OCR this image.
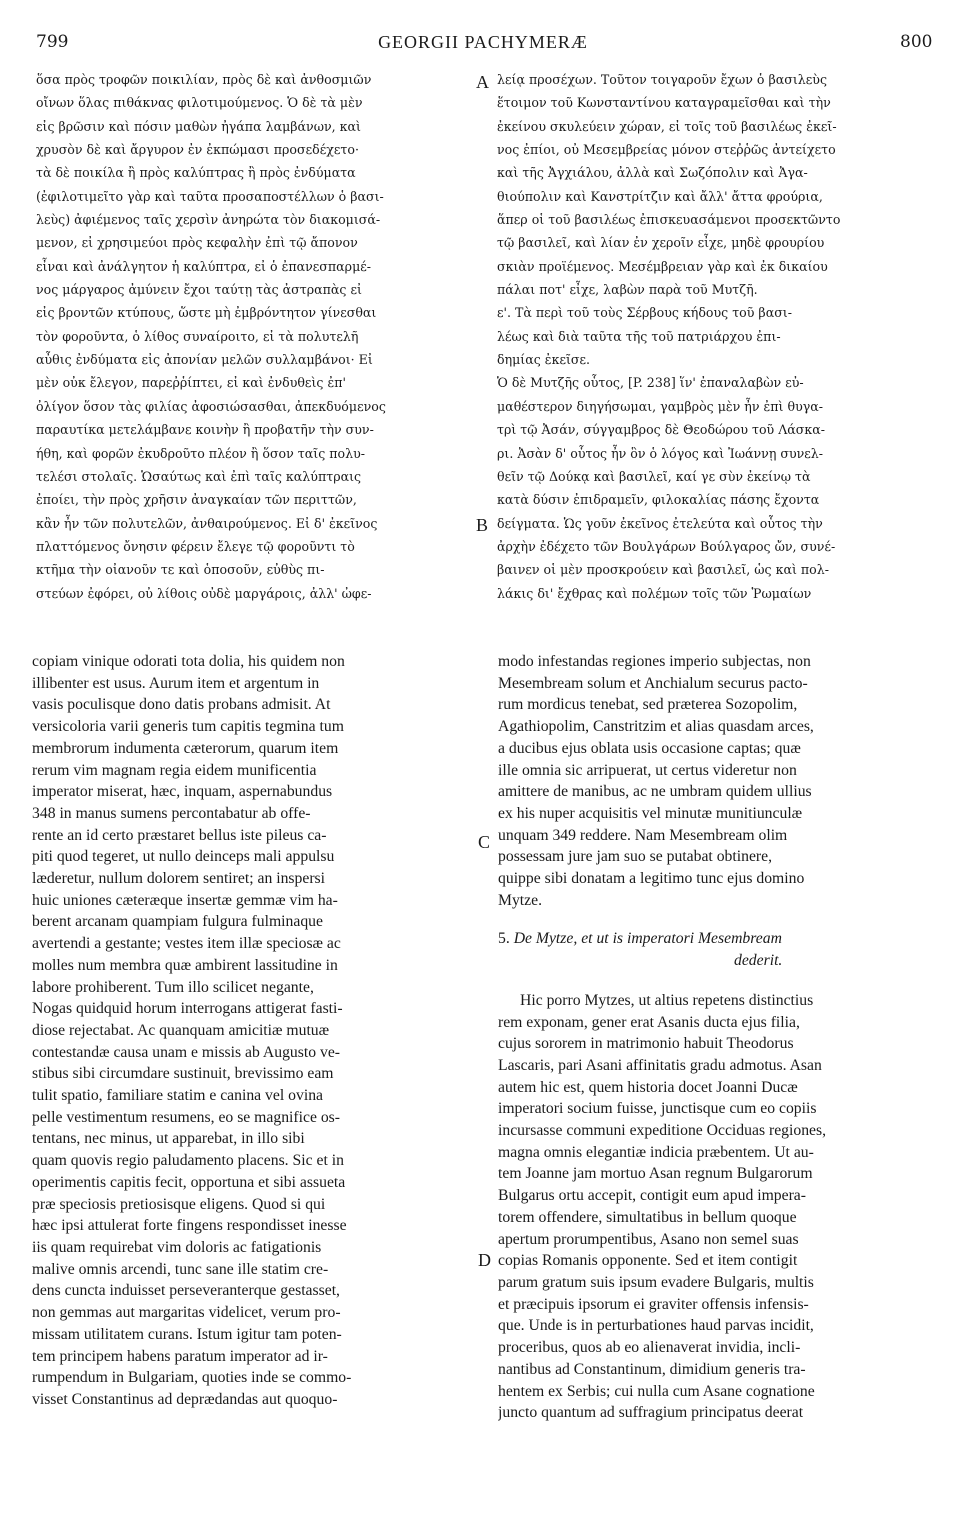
799	GEORGII PACHYMERÆ	800
ὅσα πρὸς τροφῶν ποικιλίαν, πρὸς δὲ καὶ ἀνθοσμιῶν
οἴνων ὅλας πιθάκνας φιλοτιμούμενος. Ὁ δὲ τὰ μὲν
εἰς βρῶσιν καὶ πόσιν μαθὼν ἠγάπα λαμβάνων, καὶ
χρυσὸν δὲ καὶ ἄργυρον ἐν ἐκπώμασι προσεδέχετο·
τὰ δὲ ποικίλα ἢ πρὸς καλύπτρας ἢ πρὸς ἐνδύματα
(ἐφιλοτιμεῖτο γὰρ καὶ ταῦτα προσαποστέλλων ὁ βασι-
λεὺς) ἀφιέμενος ταῖς χερσὶν ἀνηρώτα τὸν διακομισά-
μενον, εἰ χρησιμεύοι πρὸς κεφαλὴν ἐπὶ τῷ ἄπονον
εἶναι καὶ ἀνάλγητον ἡ καλύπτρα, εἰ ὁ ἐπανεσπαρμέ-
νος μάργαρος ἀμύνειν ἔχοι ταύτῃ τὰς ἀστραπὰς εἰ
εἰς βροντῶν κτύπους, ὥστε μὴ ἐμβρόντητον γίνεσθαι
τὸν φοροῦντα, ὁ λίθος συναίροιτο, εἰ τὰ πολυτελῆ
αὖθις ἐνδύματα εἰς ἀπονίαν μελῶν συλλαμβάνοι· Εἰ
μὲν οὐκ ἔλεγον, παρεῤῥίπτει, εἰ καὶ ἐνδυθεὶς ἐπ'
ὀλίγον ὅσον τὰς φιλίας ἀφοσιώσασθαι, ἀπεκδυόμενος
παραυτίκα μετελάμβανε κοινὴν ἢ προβατῆν τὴν συν-
ήθη, καὶ φορῶν ἐκυδροῦτο πλέον ἢ ὅσον ταῖς πολυ-
τελέσι στολαῖς. Ὡσαύτως καὶ ἐπὶ ταῖς καλύπτραις
ἐποίει, τὴν πρὸς χρῆσιν ἀναγκαίαν τῶν περιττῶν,
κἂν ἦν τῶν πολυτελῶν, ἀνθαιρούμενος. Εἰ δ' ἐκεῖνος
πλαττόμενος ὄνησιν φέρειν ἔλεγε τῷ φοροῦντι τὸ
κτῆμα τὴν οἰανοῦν τε καὶ ὁποσοῦν, εὐθὺς πι-
στεύων ἐφόρει, οὐ λίθοις οὐδὲ μαργάροις, ἀλλ' ὠφε-
λείᾳ προσέχων. Τοῦτον τοιγαροῦν ἔχων ὁ βασιλεὺς
ἕτοιμον τοῦ Κωνσταντίνου καταγραμεῖσθαι καὶ τὴν
ἐκείνου σκυλεύειν χώραν, εἰ τοῖς τοῦ βασιλέως ἐκεῖ-
νος ἐπίοι, οὐ Μεσεμβρείας μόνον στεῤῥῶς ἀντείχετο
καὶ τῆς Ἀγχιάλου, ἀλλὰ καὶ Σωζόπολιν καὶ Ἀγα-
θιούπολιν καὶ Κανστρίτζιν καὶ ἄλλ' ἄττα φρούρια,
ἅπερ οἱ τοῦ βασιλέως ἐπισκευασάμενοι προσεκτῶντο
τῷ βασιλεῖ, καὶ λίαν ἐν χεροῖν εἶχε, μηδὲ φρουρίου
σκιὰν προϊέμενος. Μεσέμβρειαν γὰρ καὶ ἐκ δικαίου
πάλαι ποτ' εἶχε, λαβὼν παρὰ τοῦ Μυτζῆ.
ε'. Τὰ περὶ τοῦ τοὺς Σέρβους κήδους τοῦ βασι-
λέως καὶ διὰ ταῦτα τῆς τοῦ πατριάρχου ἐπι-
δημίας ἐκεῖσε.
Ὁ δὲ Μυτζῆς οὗτος, [P. 238] ἵν' ἐπαναλαβὼν εὐ-
μαθέστερον διηγήσωμαι, γαμβρὸς μὲν ἦν ἐπὶ θυγα-
τρὶ τῷ Ἀσάν, σύγγαμβρος δὲ Θεοδώρου τοῦ Λάσκα-
ρι. Ἀσὰν δ' οὗτος ἦν ὃν ὁ λόγος καὶ Ἰωάννῃ συνελ-
θεῖν τῷ Δούκᾳ καὶ βασιλεῖ, καί γε σὺν ἐκείνῳ τὰ
κατὰ δύσιν ἐπιδραμεῖν, φιλοκαλίας πάσης ἔχοντα
δείγματα. Ὡς γοῦν ἐκεῖνος ἐτελεύτα καὶ οὗτος τὴν
ἀρχὴν ἐδέχετο τῶν Βουλγάρων Βούλγαρος ὤν, συνέ-
βαινεν οἱ μὲν προσκρούειν καὶ βασιλεῖ, ὡς καὶ πολ-
λάκις δι' ἔχθρας καὶ πολέμων τοῖς τῶν Ῥωμαίων
copiam vinique odorati tota dolia, his quidem non
illibenter est usus. Aurum item et argentum in
vasis poculisque dono datis probans admisit. At
versicoloria varii generis tum capitis tegmina tum
membrorum indumenta cæterorum, quarum item
rerum vim magnam regia eidem munificentia
imperator miserat, hæc, inquam, aspernabundus
348 in manus sumens percontabatur ab offe-
rente an id certo præstaret bellus iste pileus ca-
piti quod tegeret, ut nullo deinceps mali appulsu
læderetur, nullum dolorem sentiret; an inspersi
huic uniones cæteræque insertæ gemmæ vim ha-
berent arcanam quampiam fulgura fulminaque
avertendi a gestante; vestes item illæ speciosæ ac
molles num membra quæ ambirent lassitudine in
labore prohiberent. Tum illo scilicet negante,
Nogas quidquid horum interrogans attigerat fasti-
diose rejectabat. Ac quanquam amicitiæ mutuæ
contestandæ causa unam e missis ab Augusto ve-
stibus sibi circumdare sustinuit, brevissimo eam
tulit spatio, familiare statim e canina vel ovina
pelle vestimentum resumens, eo se magnifice os-
tentans, nec minus, ut apparebat, in illo sibi
quam quovis regio paludamento placens. Sic et in
operimentis capitis fecit, opportuna et sibi assueta
præ speciosis pretiosisque eligens. Quod si qui
hæc ipsi attulerat forte fingens respondisset inesse
iis quam requirebat vim doloris ac fatigationis
malive omnis arcendi, tunc sane ille statim cre-
dens cuncta induisset perseveranterque gestasset,
non gemmas aut margaritas videlicet, verum pro-
missam utilitatem curans. Istum igitur tam poten-
tem principem habens paratum imperator ad ir-
rumpendum in Bulgariam, quoties inde se commo-
visset Constantinus ad deprædandas aut quoquo-
modo infestandas regiones imperio subjectas, non
Mesembream solum et Anchialum securus pacto-
rum mordicus tenebat, sed præterea Sozopolim,
Agathiopolim, Canstritzim et alias quasdam arces,
a ducibus ejus oblata usis occasione captas; quæ
ille omnia sic arripuerat, ut certus videretur non
amittere de manibus, ac ne umbram quidem ullius
ex his nuper acquisitis vel minutæ munitiunculæ
unquam 349 reddere. Nam Mesembream olim
possessam jure jam suo se putabat obtinere,
quippe sibi donatam a legitimo tunc ejus domino
Mytze.
5. De Mytze, et ut is imperatori Mesembream
dederit.
Hic porro Mytzes, ut altius repetens distinctius
rem exponam, gener erat Asanis ducta ejus filia,
cujus sororem in matrimonio habuit Theodorus
Lascaris, pari Asani affinitatis gradu admotus. Asan
autem hic est, quem historia docet Joanni Ducæ
imperatori socium fuisse, junctisque cum eo copiis
incursasse communi expeditione Occiduas regiones,
magna omnis elegantiæ indicia præbentem. Ut au-
tem Joanne jam mortuo Asan regnum Bulgarorum
Bulgarus ortu accepit, contigit eum apud impera-
torem offendere, simultatibus in bellum quoque
apertum prorumpentibus, Asano non semel suas
copias Romanis opponente. Sed et item contigit
parum gratum suis ipsum evadere Bulgaris, multis
et præcipuis ipsorum ei graviter offensis infensis-
que. Unde is in perturbationes haud parvas incidit,
proceribus, quos ab eo alienaverat invidia, incli-
nantibus ad Constantinum, dimidium generis tra-
hentem ex Serbis; cui nulla cum Asane cognatione
juncto quantum ad suffragium principatus deerat
A
B
C
D
